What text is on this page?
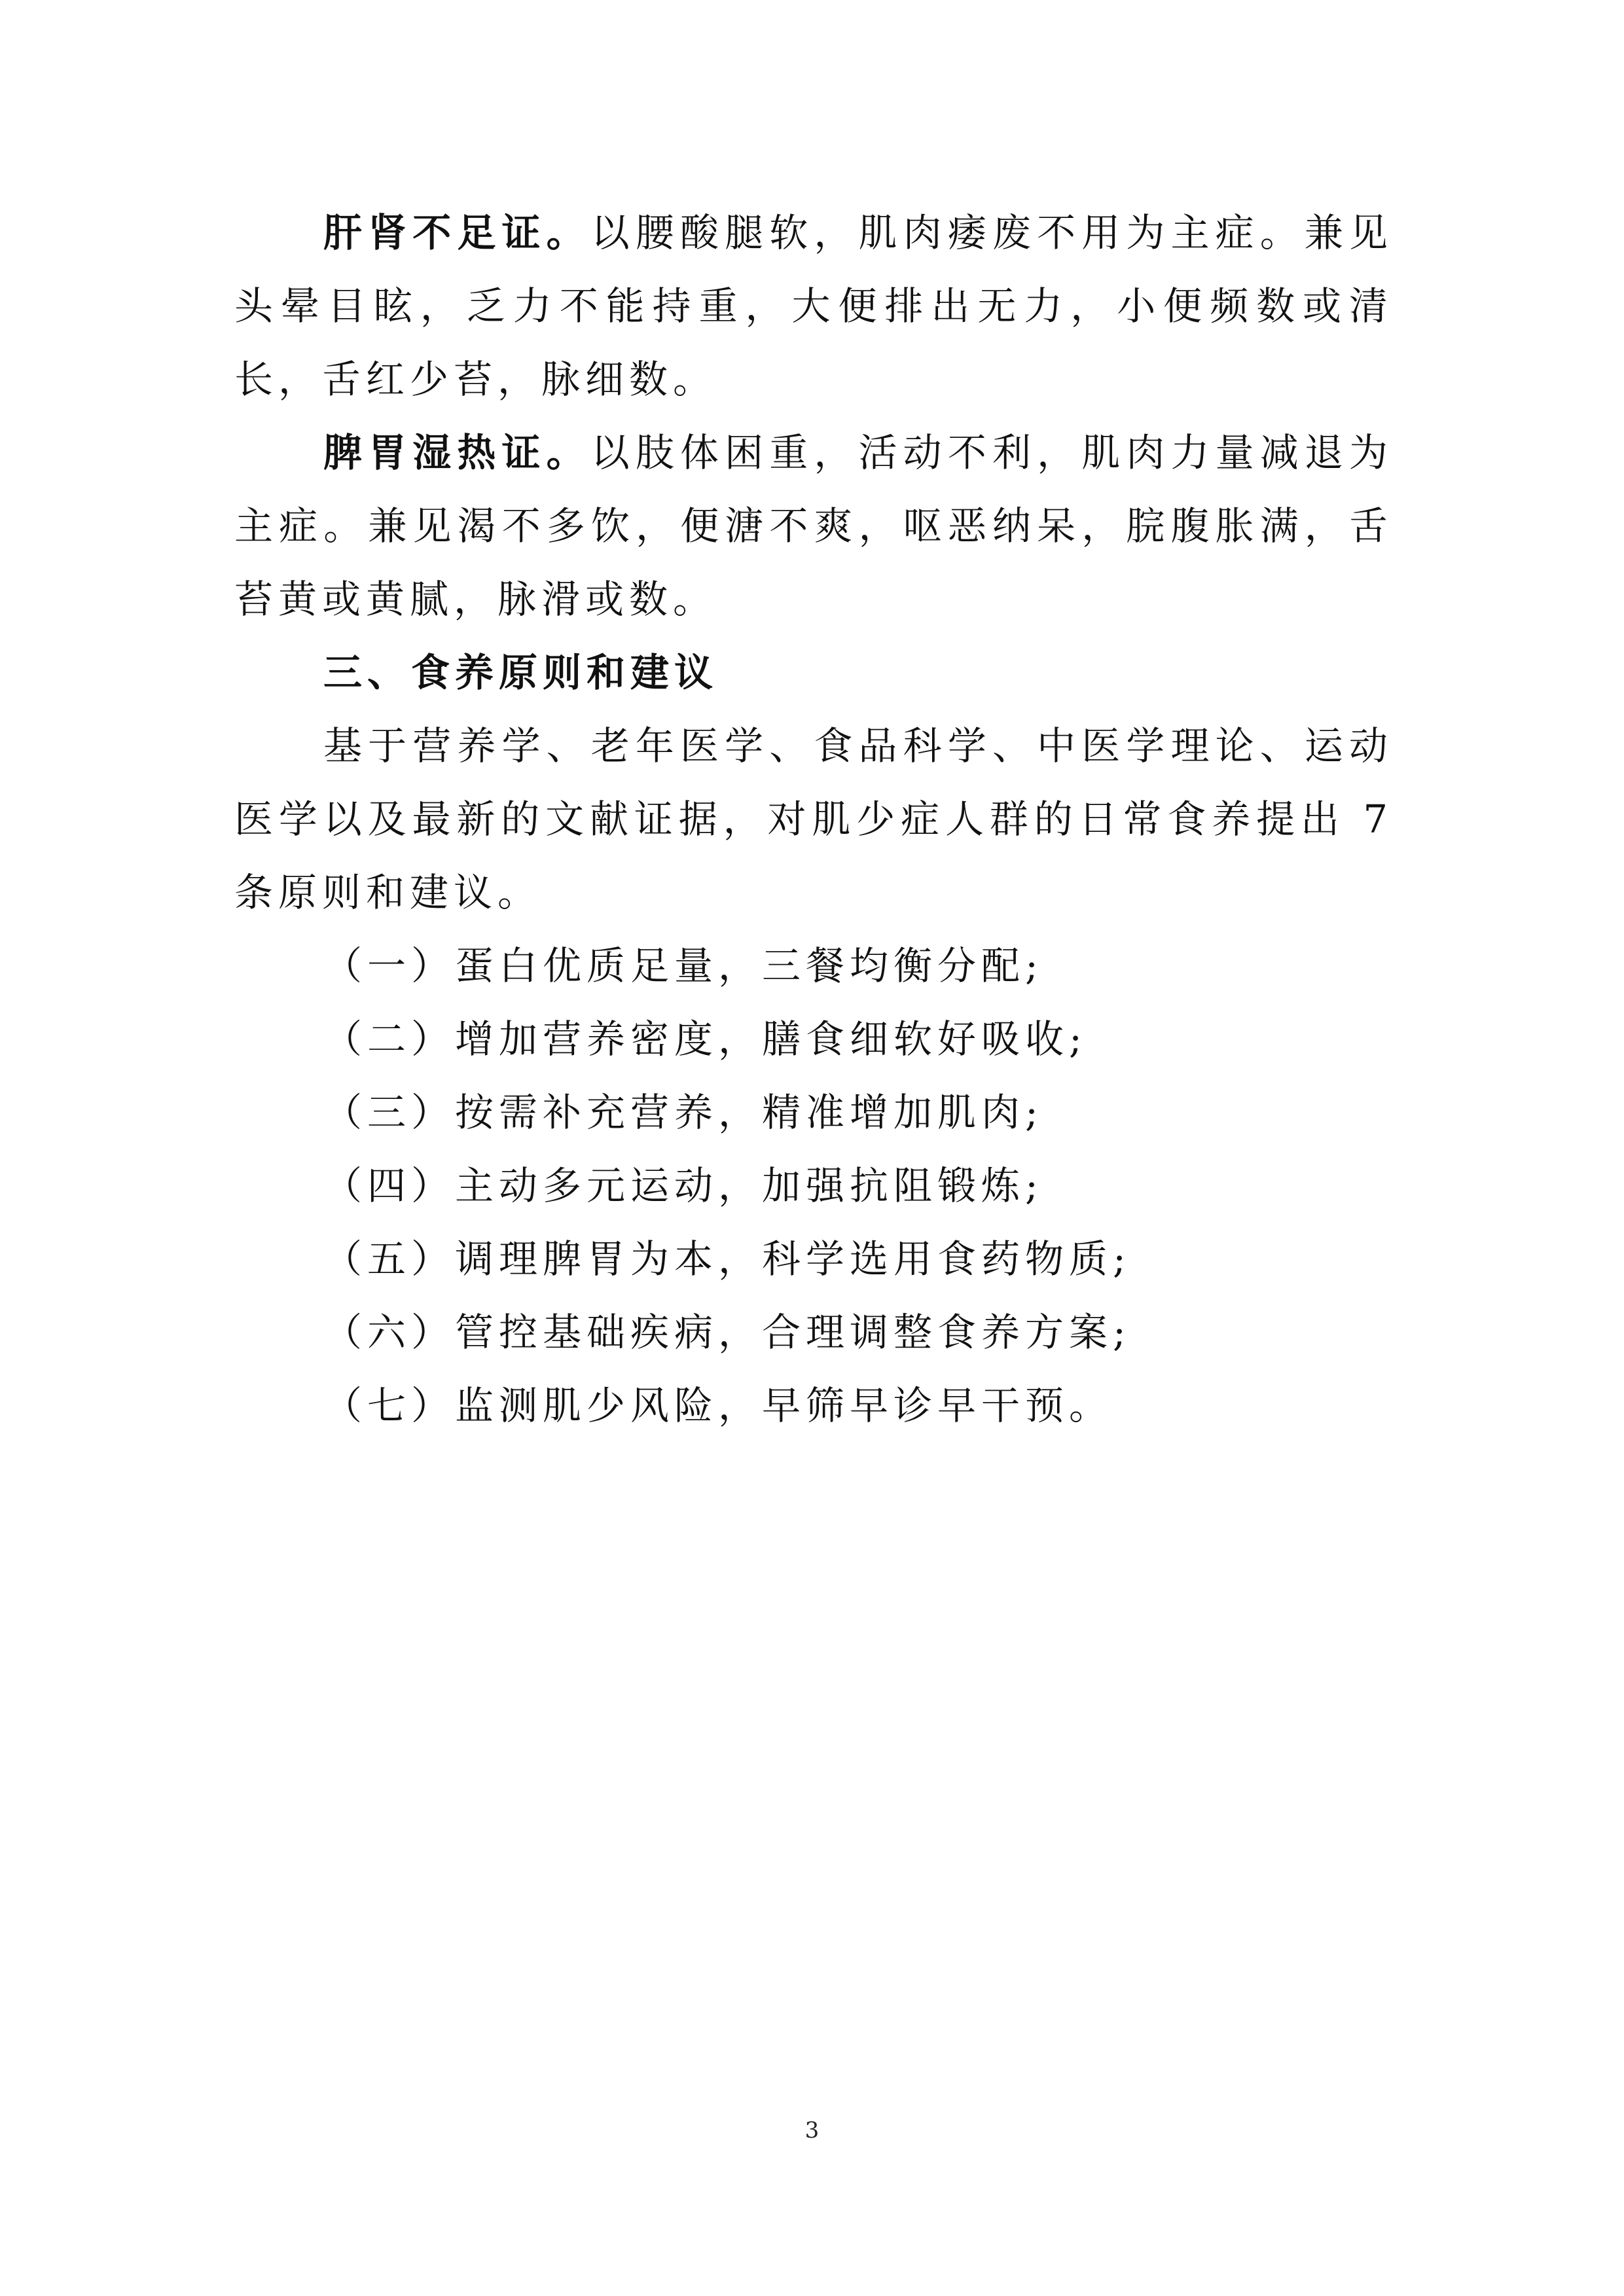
肝肾不足证。以腰酸腿软，肌肉痿废不用为主症。兼见头晕目眩，乏力不能持重，大便排出无力，小便频数或清长，舌红少苔，脉细数。

脾胃湿热证。以肢体困重，活动不利，肌肉力量减退为主症。兼见渴不多饮，便溏不爽，呕恶纳呆，脘腹胀满，舌苔黄或黄腻，脉滑或数。

三、食养原则和建议

基于营养学、老年医学、食品科学、中医学理论、运动医学以及最新的文献证据，对肌少症人群的日常食养提出 7 条原则和建议。

（一）蛋白优质足量，三餐均衡分配;
（二）增加营养密度，膳食细软好吸收;
（三）按需补充营养，精准增加肌肉;
（四）主动多元运动，加强抗阻锻炼;
（五）调理脾胃为本，科学选用食药物质;
（六）管控基础疾病，合理调整食养方案;
（七）监测肌少风险，早筛早诊早干预。
3
